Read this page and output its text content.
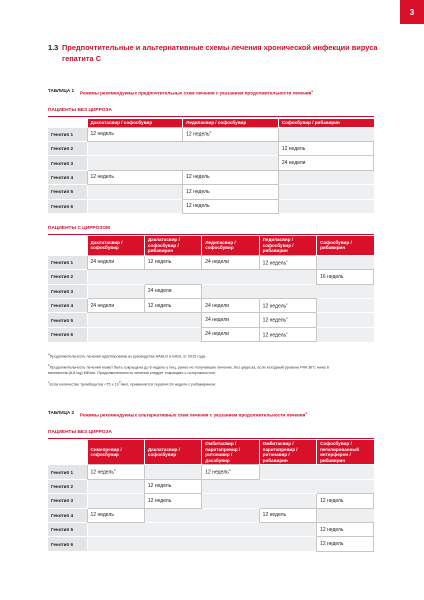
3
1.3 Предпочтительные и альтернативные схемы лечения хронической инфекции вируса гепатита С
ТАБЛИЦА 1
Режимы рекомендуемых предпочтительных схем лечения с указанием продолжительности лечения$^a$
ПАЦИЕНТЫ БЕЗ ЦИРРОЗА
	Даклатасвир / софосбувир	Ледипасвир / софосбувир	Софосбувир / рибавирин
Генотип 1	12 недель	12 недель$^b$	
Генотип 2			12 недель
Генотип 3			24 недели
Генотип 4	12 недель	12 недель	
Генотип 5		12 недель	
Генотип 6		12 недель	
ПАЦИЕНТЫ С ЦИРРОЗОМ
	Даклатасвир / софосбувир	Даклатасвир / софосбувир / рибавирин	Ледипасвир / софосбувир	Ледипасвир / софосбувир / рибавирин	Софосбувир / рибавирин
Генотип 1	24 недели	12 недель	24 недели	12 недель$^c$	
Генотип 2					16 недель
Генотип 3		24 недели			
Генотип 4	24 недели	12 недель	24 недели	12 недель$^c$	
Генотип 5			24 недели	12 недель$^c$	
Генотип 6			24 недели	12 недель$^c$	

$^a$Продолжительность лечения адаптирована из руководства AASLD и EASL от 2015 года.

$^b$Продолжительность лечения может быть сокращена до 8 недель у лиц, ранее не получавших лечение, без цирроза, если исходный уровень РНК ВГС ниже 6 миллионов (6,8 log) МЕ/мл. Продолжительность лечения следует сокращать с осторожностью.

$^c$Если количество тромбоцитов <75 x $10^3$/мкл, применяется терапия 24 недели с рибавирином.

ТАБЛИЦА 2
Режимы рекомендуемых альтернативных схем лечения с указанием продолжительности лечения$^a$
ПАЦИЕНТЫ БЕЗ ЦИРРОЗА
	Симепревир / софосбувир	Даклатасвир / софосбувир	Омбитасвир / паритапревир / ритонавир / дасабувир	Омбитасвир / паритапревир / ритонавир / рибавирин	Софосбувир / пегилированный интерферон / рибавирин
Генотип 1	12 недель$^b$		12 недель$^d$	
Генотип 2		12 недель			
Генотип 3		12 недель			12 недель
Генотип 4	12 недель			12 недель	
Генотип 5					12 недель
Генотип 6					12 недель
